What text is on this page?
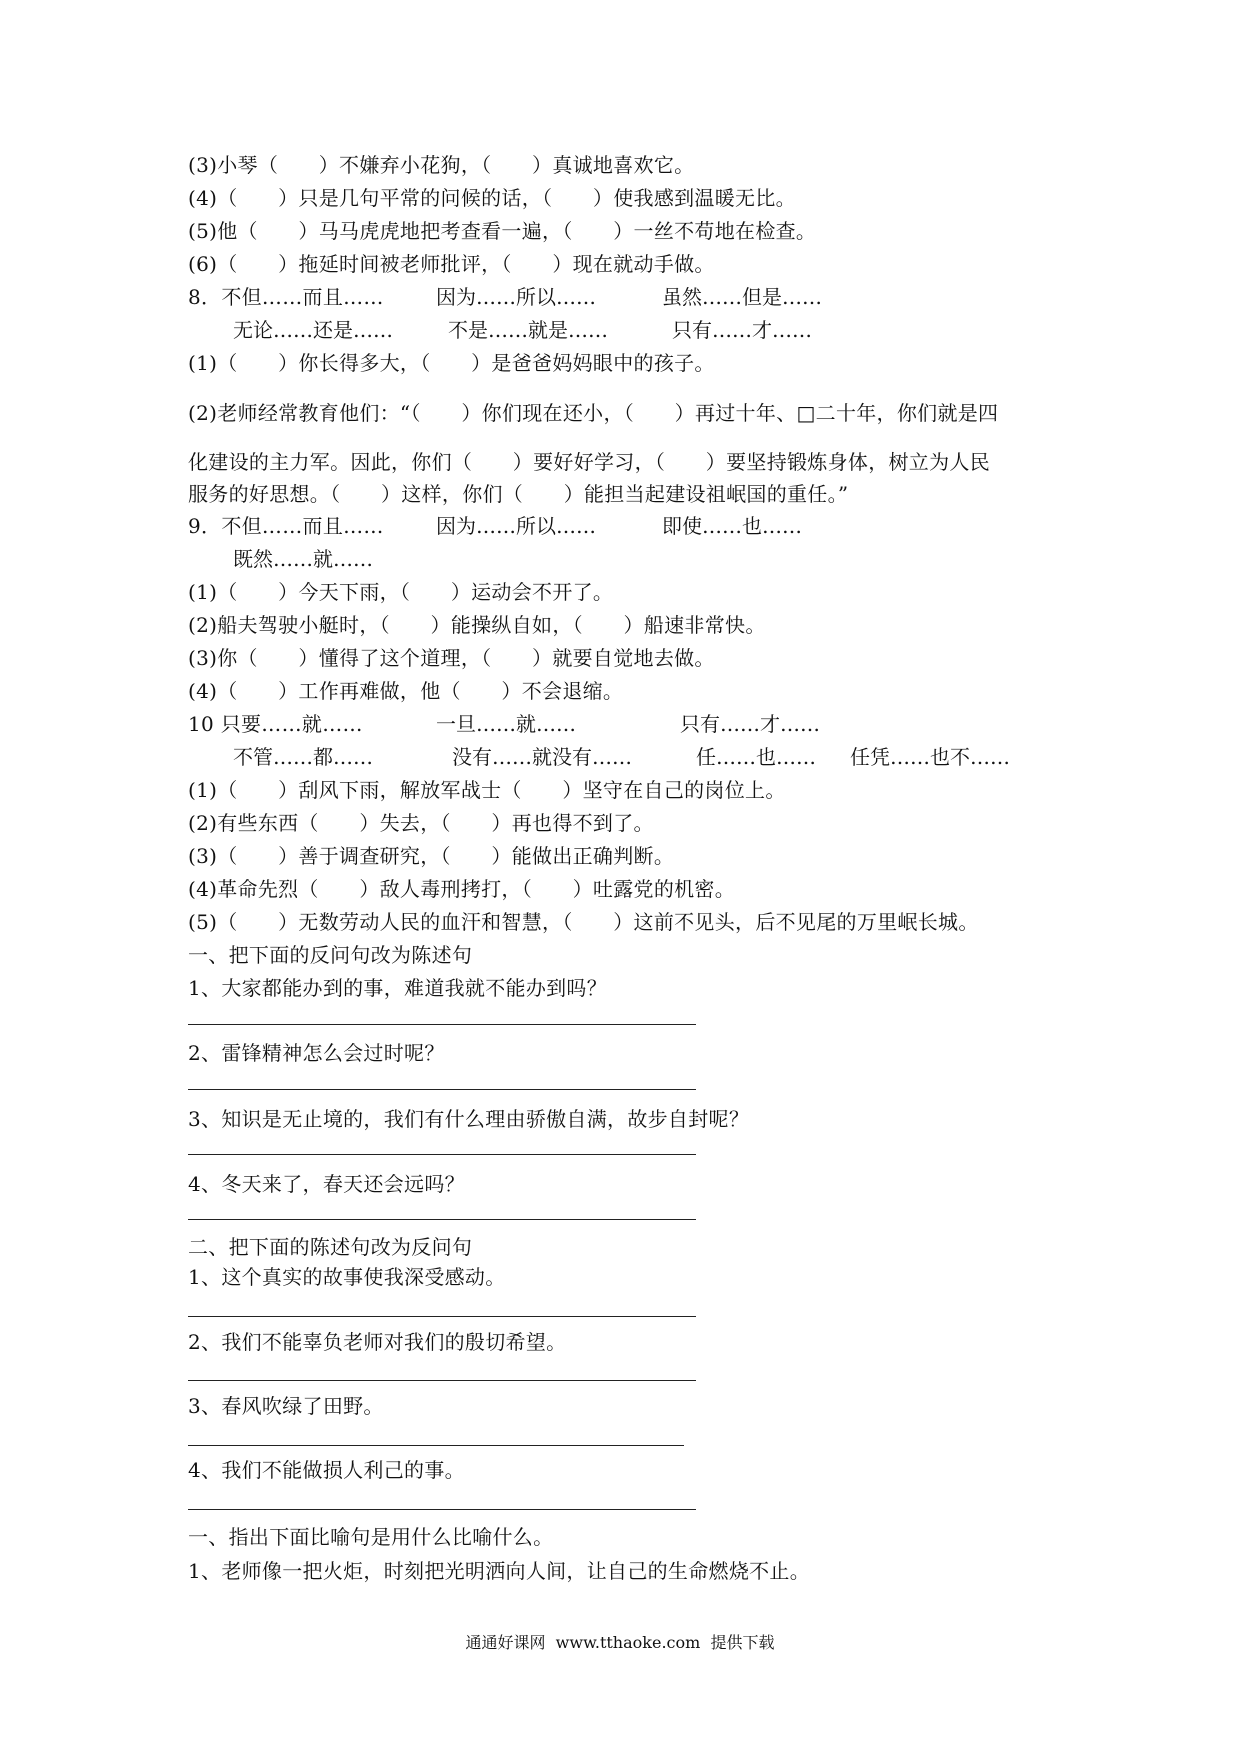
(3)小琴（　　）不嫌弃小花狗，（　　）真诚地喜欢它。
(4)（　　）只是几句平常的问候的话，（　　）使我感到温暖无比。
(5)他（　　）马马虎虎地把考查看一遍，（　　）一丝不苟地在检查。
(6)（　　）拖延时间被老师批评，（　　）现在就动手做。
8．不但……而且……	因为……所以……	虽然……但是……
无论……还是……	不是……就是……	只有……才……
(1)（　　）你长得多大，（　　）是爸爸妈妈眼中的孩子。
(2)老师经常教育他们：“（　　）你们现在还小，（　　）再过十年、□二十年，你们就是四
化建设的主力军。因此，你们（　　）要好好学习，（　　）要坚持锻炼身体，树立为人民
服务的好思想。（　　）这样，你们（　　）能担当起建设祖岷国的重任。”
9．不但……而且……	因为……所以……	即使……也……
既然……就……
(1)（　　）今天下雨，（　　）运动会不开了。
(2)船夫驾驶小艇时，（　　）能操纵自如，（　　）船速非常快。
(3)你（　　）懂得了这个道理，（　　）就要自觉地去做。
(4)（　　）工作再难做，他（　　）不会退缩。
10 只要……就……	一旦……就……	只有……才……
不管……都……	没有……就没有……	任……也…… 任凭……也不……
(1)（　　）刮风下雨，解放军战士（　　）坚守在自己的岗位上。
(2)有些东西（　　）失去，（　　）再也得不到了。
(3)（　　）善于调查研究，（　　）能做出正确判断。
(4)革命先烈（　　）敌人毒刑拷打，（　　）吐露党的机密。
(5)（　　）无数劳动人民的血汗和智慧，（　　）这前不见头，后不见尾的万里岷长城。
一、把下面的反问句改为陈述句
1、大家都能办到的事，难道我就不能办到吗？
2、雷锋精神怎么会过时呢？
3、知识是无止境的，我们有什么理由骄傲自满，故步自封呢？
4、冬天来了，春天还会远吗？
二、把下面的陈述句改为反问句
1、这个真实的故事使我深受感动。
2、我们不能辜负老师对我们的殷切希望。
3、春风吹绿了田野。
4、我们不能做损人利己的事。
一、指出下面比喻句是用什么比喻什么。
1、老师像一把火炬，时刻把光明洒向人间，让自己的生命燃烧不止。
通通好课网  www.tthaoke.com  提供下载
